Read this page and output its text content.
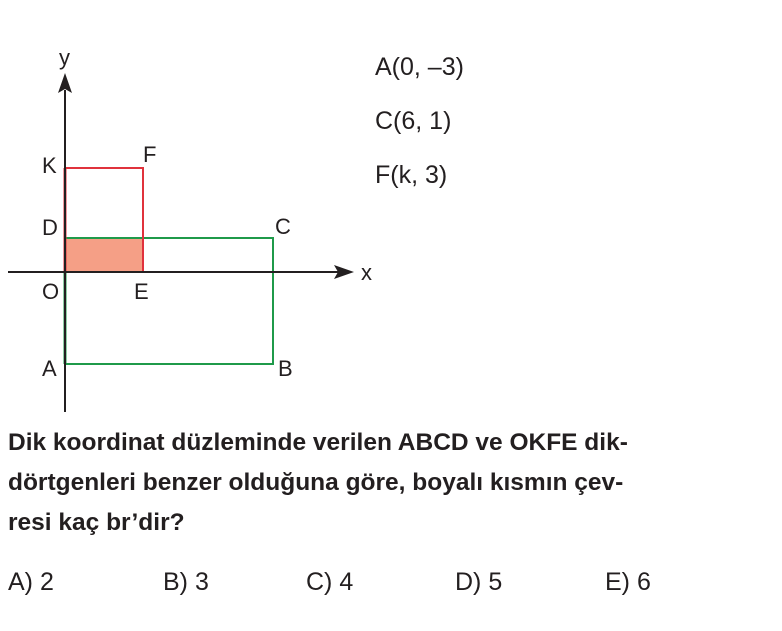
x
y
K	F
D	C
O	E
A	B
A(0, –3)
C(6, 1)
F(k, 3)
Dik koordinat düzleminde verilen ABCD ve OKFE dik-
dörtgenleri benzer olduğuna göre, boyalı kısmın çev-
resi kaç br’dir?
A) 2	B) 3	C) 4	D) 5	E) 6
